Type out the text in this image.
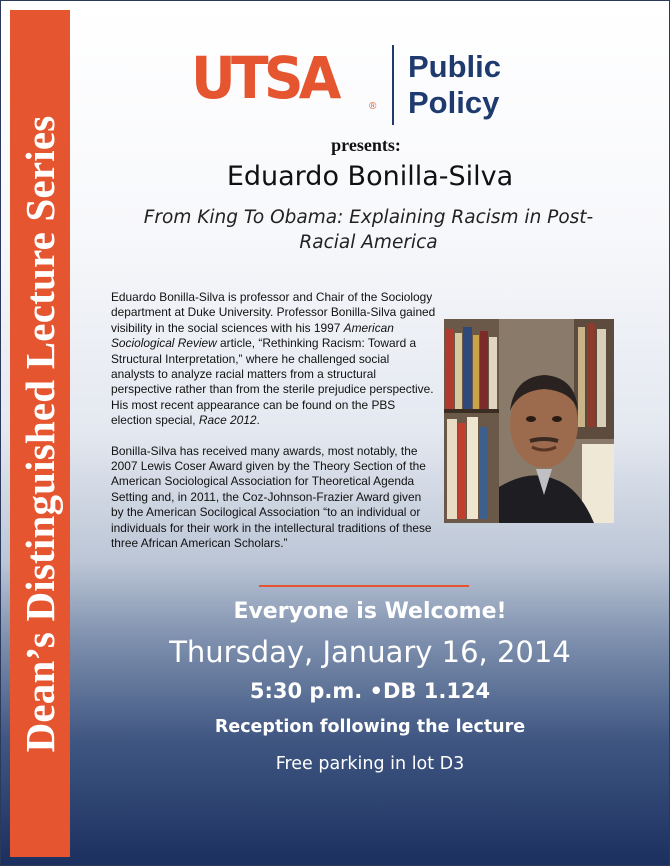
Dean’s Distinguished Lecture Series
UTSA	®
Public
Policy
presents:
Eduardo Bonilla-Silva
From King To Obama: Explaining Racism in Post-Racial America

Eduardo Bonilla-Silva is professor and Chair of the Sociology department at Duke University. Professor Bonilla-Silva gained visibility in the social sciences with his 1997 American Sociological Review article, “Rethinking Racism: Toward a Structural Interpretation,” where he challenged social analysts to analyze racial matters from a structural perspective rather than from the sterile prejudice perspective. His most recent appearance can be found on the PBS election special, Race 2012.

Bonilla-Silva has received many awards, most notably, the 2007 Lewis Coser Award given by the Theory Section of the American Sociological Association for Theoretical Agenda Setting and, in 2011, the Coz-Johnson-Frazier Award given by the American Socilogical Association “to an individual or individuals for their work in the intellectural traditions of these three African American Scholars.”

Everyone is Welcome!
Thursday, January 16, 2014
5:30 p.m. •DB 1.124
Reception following the lecture
Free parking in lot D3
